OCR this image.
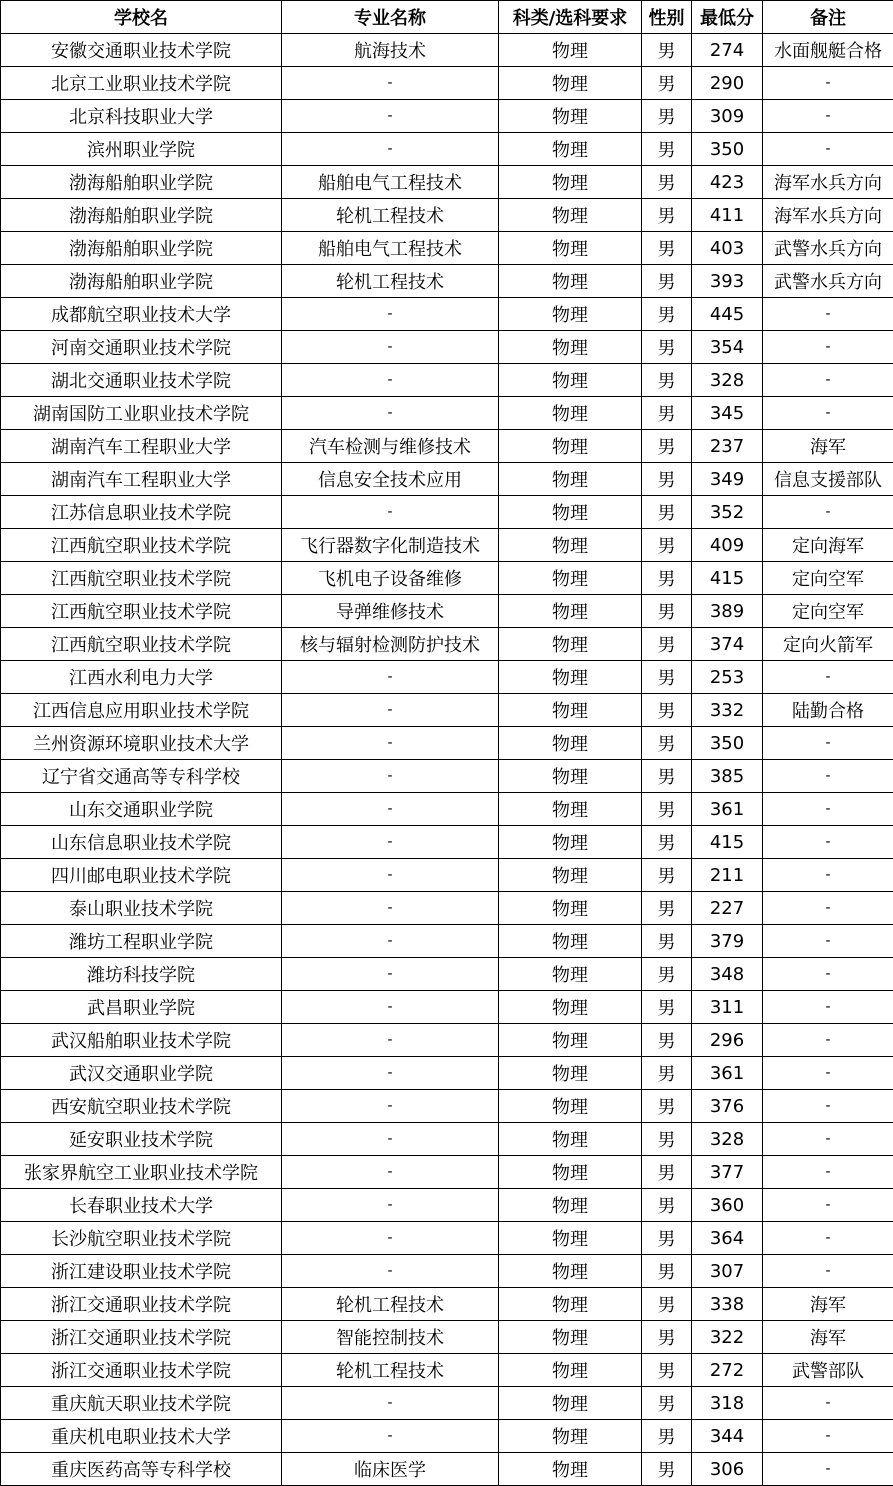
学校名	专业名称	科类/选科要求	性别	最低分	备注
安徽交通职业技术学院	航海技术	物理	男	274	水面舰艇合格
北京工业职业技术学院	-	物理	男	290	-
北京科技职业大学	-	物理	男	309	-
滨州职业学院	-	物理	男	350	-
渤海船舶职业学院	船舶电气工程技术	物理	男	423	海军水兵方向
渤海船舶职业学院	轮机工程技术	物理	男	411	海军水兵方向
渤海船舶职业学院	船舶电气工程技术	物理	男	403	武警水兵方向
渤海船舶职业学院	轮机工程技术	物理	男	393	武警水兵方向
成都航空职业技术大学	-	物理	男	445	-
河南交通职业技术学院	-	物理	男	354	-
湖北交通职业技术学院	-	物理	男	328	-
湖南国防工业职业技术学院	-	物理	男	345	-
湖南汽车工程职业大学	汽车检测与维修技术	物理	男	237	海军
湖南汽车工程职业大学	信息安全技术应用	物理	男	349	信息支援部队
江苏信息职业技术学院	-	物理	男	352	-
江西航空职业技术学院	飞行器数字化制造技术	物理	男	409	定向海军
江西航空职业技术学院	飞机电子设备维修	物理	男	415	定向空军
江西航空职业技术学院	导弹维修技术	物理	男	389	定向空军
江西航空职业技术学院	核与辐射检测防护技术	物理	男	374	定向火箭军
江西水利电力大学	-	物理	男	253	-
江西信息应用职业技术学院	-	物理	男	332	陆勤合格
兰州资源环境职业技术大学	-	物理	男	350	-
辽宁省交通高等专科学校	-	物理	男	385	-
山东交通职业学院	-	物理	男	361	-
山东信息职业技术学院	-	物理	男	415	-
四川邮电职业技术学院	-	物理	男	211	-
泰山职业技术学院	-	物理	男	227	-
潍坊工程职业学院	-	物理	男	379	-
潍坊科技学院	-	物理	男	348	-
武昌职业学院	-	物理	男	311	-
武汉船舶职业技术学院	-	物理	男	296	-
武汉交通职业学院	-	物理	男	361	-
西安航空职业技术学院	-	物理	男	376	-
延安职业技术学院	-	物理	男	328	-
张家界航空工业职业技术学院	-	物理	男	377	-
长春职业技术大学	-	物理	男	360	-
长沙航空职业技术学院	-	物理	男	364	-
浙江建设职业技术学院	-	物理	男	307	-
浙江交通职业技术学院	轮机工程技术	物理	男	338	海军
浙江交通职业技术学院	智能控制技术	物理	男	322	海军
浙江交通职业技术学院	轮机工程技术	物理	男	272	武警部队
重庆航天职业技术学院	-	物理	男	318	-
重庆机电职业技术大学	-	物理	男	344	-
重庆医药高等专科学校	临床医学	物理	男	306	-
